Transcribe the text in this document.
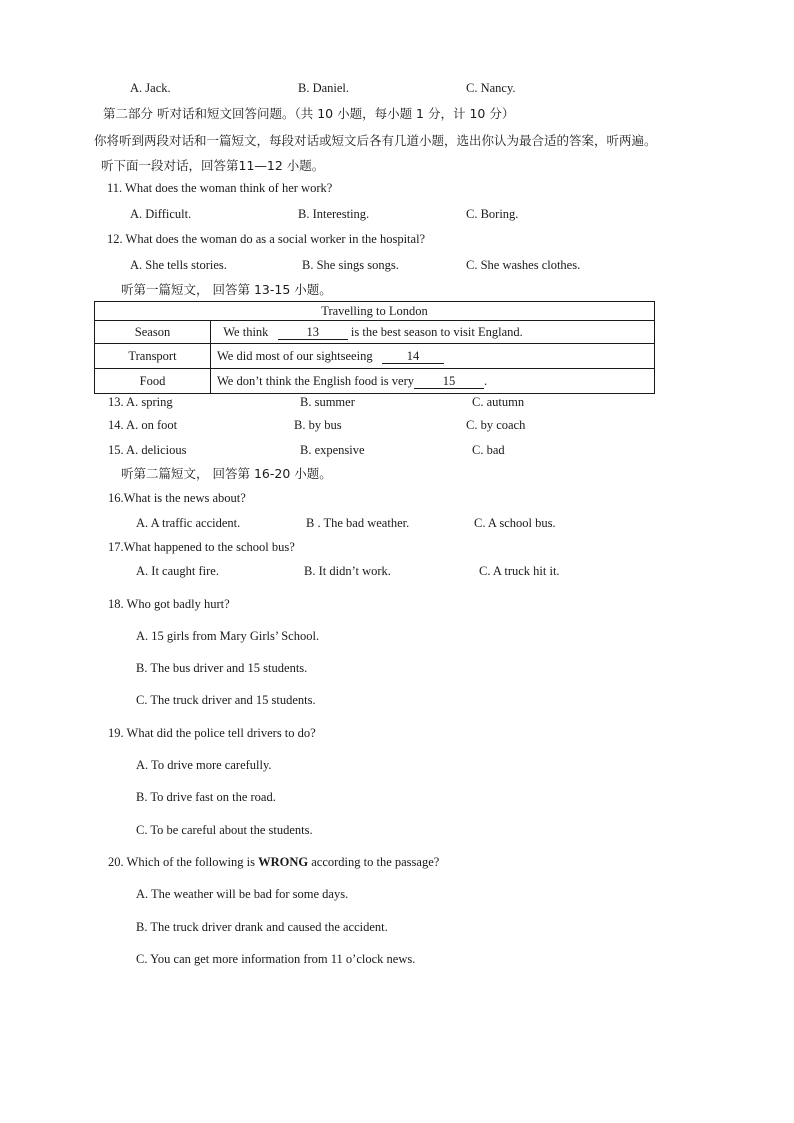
A. Jack.	B. Daniel.	C. Nancy.
第二部分 听对话和短文回答问题。（共 10 小题，每小题 1 分，计 10 分）
你将听到两段对话和一篇短文，每段对话或短文后各有几道小题，选出你认为最合适的答案，听两遍。
听下面一段对话，回答第11—12 小题。
11. What does the woman think of her work?
A. Difficult.	B. Interesting.	C. Boring.
12. What does the woman do as a social worker in the hospital?
A. She tells stories.	B. She sings songs.	C. She washes clothes.
听第一篇短文， 回答第 13-15 小题。
Travelling to London	
Season	We think 13 is the best season to visit England.
Transport	We did most of our sightseeing 14
Food	We don’t think the English food is very 15 .
13. A. spring	B. summer	C. autumn
14. A. on foot	B. by bus	C. by coach
15. A. delicious	B. expensive	C. bad
听第二篇短文， 回答第 16-20 小题。
16.What is the news about?
A. A traffic accident.	B . The bad weather.	C. A school bus.
17.What happened to the school bus?
A. It caught fire.	B. It didn’t work.	C. A truck hit it.
18. Who got badly hurt?
A. 15 girls from Mary Girls’ School.
B. The bus driver and 15 students.
C. The truck driver and 15 students.
19. What did the police tell drivers to do?
A. To drive more carefully.
B. To drive fast on the road.
C. To be careful about the students.
20. Which of the following is WRONG according to the passage?
A. The weather will be bad for some days.
B. The truck driver drank and caused the accident.
C. You can get more information from 11 o’clock news.
